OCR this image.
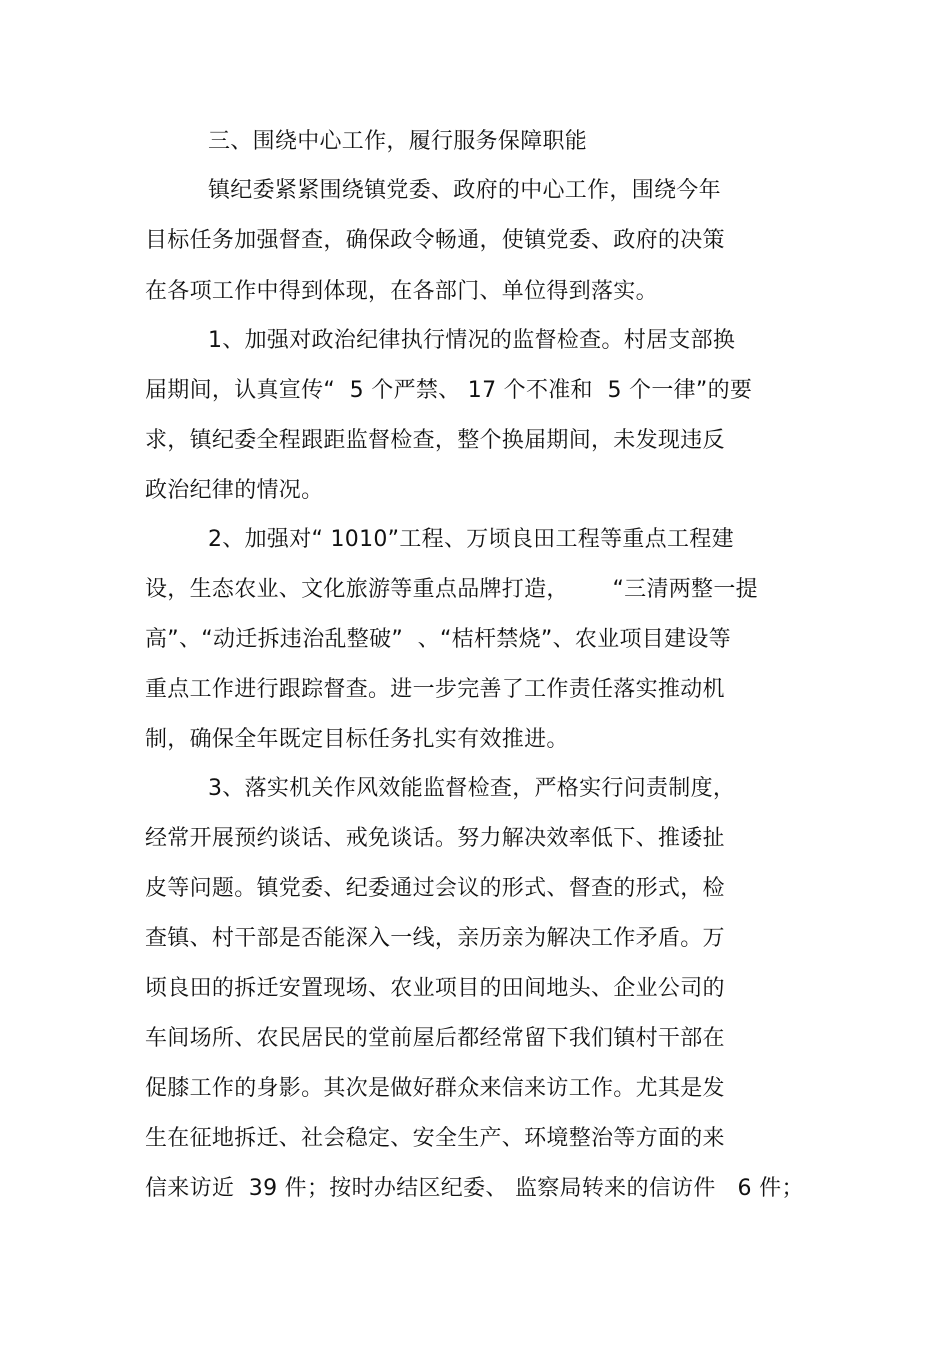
三、围绕中心工作，履行服务保障职能
镇纪委紧紧围绕镇党委、政府的中心工作，围绕今年
目标任务加强督查，确保政令畅通，使镇党委、政府的决策
在各项工作中得到体现，在各部门、单位得到落实。
1、加强对政治纪律执行情况的监督检查。村居支部换
届期间，认真宣传“  5 个严禁、 17 个不准和  5 个一律”的要
求，镇纪委全程跟距监督检查，整个换届期间，未发现违反
政治纪律的情况。
2、加强对“ 1010”工程、万顷良田工程等重点工程建
设，生态农业、文化旅游等重点品牌打造，      “三清两整一提
高”、“动迁拆违治乱整破”  、“桔杆禁烧”、农业项目建设等
重点工作进行跟踪督查。进一步完善了工作责任落实推动机
制，确保全年既定目标任务扎实有效推进。
3、落实机关作风效能监督检查，严格实行问责制度，
经常开展预约谈话、戒免谈话。努力解决效率低下、推诿扯
皮等问题。镇党委、纪委通过会议的形式、督查的形式，检
查镇、村干部是否能深入一线，亲历亲为解决工作矛盾。万
顷良田的拆迁安置现场、农业项目的田间地头、企业公司的
车间场所、农民居民的堂前屋后都经常留下我们镇村干部在
促膝工作的身影。其次是做好群众来信来访工作。尤其是发
生在征地拆迁、社会稳定、安全生产、环境整治等方面的来
信来访近  39 件；按时办结区纪委、 监察局转来的信访件   6 件；
